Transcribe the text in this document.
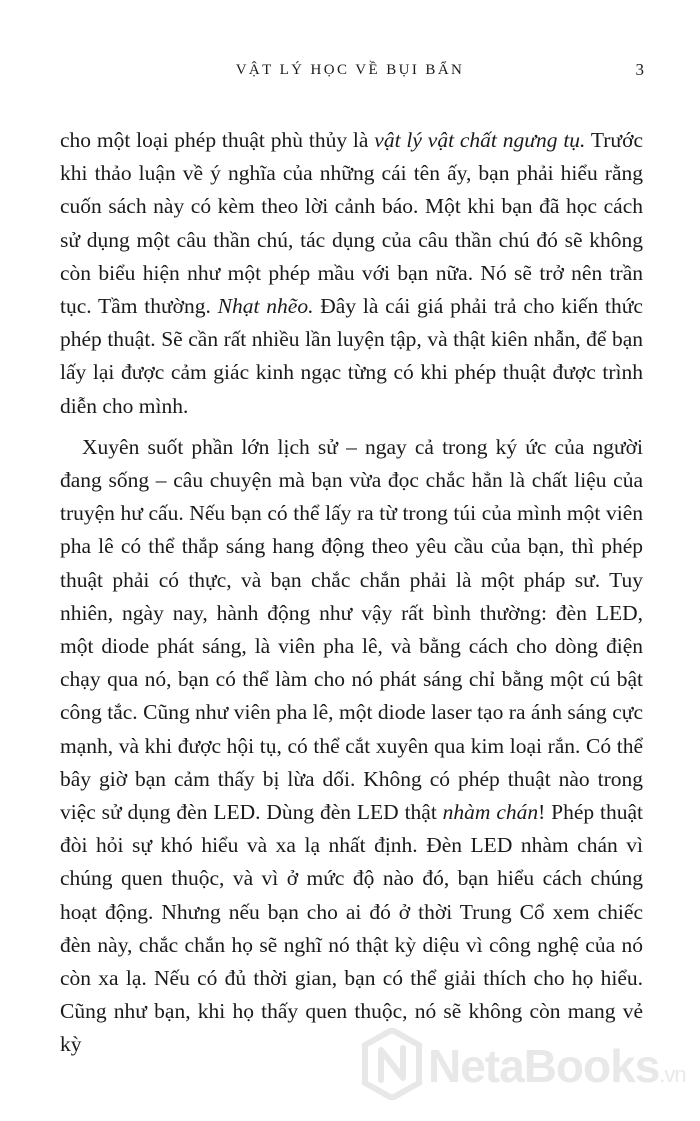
VẬT LÝ HỌC VỀ BỤI BẨN	3

cho một loại phép thuật phù thủy là vật lý vật chất ngưng tụ. Trước khi thảo luận về ý nghĩa của những cái tên ấy, bạn phải hiểu rằng cuốn sách này có kèm theo lời cảnh báo. Một khi bạn đã học cách sử dụng một câu thần chú, tác dụng của câu thần chú đó sẽ không còn biểu hiện như một phép mầu với bạn nữa. Nó sẽ trở nên trần tục. Tầm thường. Nhạt nhẽo. Đây là cái giá phải trả cho kiến thức phép thuật. Sẽ cần rất nhiều lần luyện tập, và thật kiên nhẫn, để bạn lấy lại được cảm giác kinh ngạc từng có khi phép thuật được trình diễn cho mình.

Xuyên suốt phần lớn lịch sử – ngay cả trong ký ức của người đang sống – câu chuyện mà bạn vừa đọc chắc hẳn là chất liệu của truyện hư cấu. Nếu bạn có thể lấy ra từ trong túi của mình một viên pha lê có thể thắp sáng hang động theo yêu cầu của bạn, thì phép thuật phải có thực, và bạn chắc chắn phải là một pháp sư. Tuy nhiên, ngày nay, hành động như vậy rất bình thường: đèn LED, một diode phát sáng, là viên pha lê, và bằng cách cho dòng điện chạy qua nó, bạn có thể làm cho nó phát sáng chỉ bằng một cú bật công tắc. Cũng như viên pha lê, một diode laser tạo ra ánh sáng cực mạnh, và khi được hội tụ, có thể cắt xuyên qua kim loại rắn. Có thể bây giờ bạn cảm thấy bị lừa dối. Không có phép thuật nào trong việc sử dụng đèn LED. Dùng đèn LED thật nhàm chán! Phép thuật đòi hỏi sự khó hiểu và xa lạ nhất định. Đèn LED nhàm chán vì chúng quen thuộc, và vì ở mức độ nào đó, bạn hiểu cách chúng hoạt động. Nhưng nếu bạn cho ai đó ở thời Trung Cổ xem chiếc đèn này, chắc chắn họ sẽ nghĩ nó thật kỳ diệu vì công nghệ của nó còn xa lạ. Nếu có đủ thời gian, bạn có thể giải thích cho họ hiểu. Cũng như bạn, khi họ thấy quen thuộc, nó sẽ không còn mang vẻ kỳ	NetaBooks.vn
